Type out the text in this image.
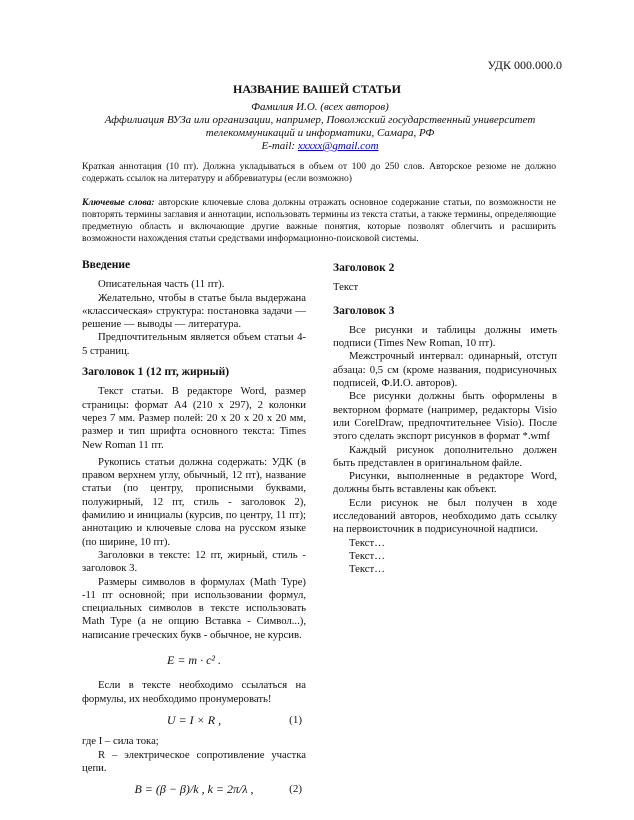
УДК 000.000.0
НАЗВАНИЕ ВАШЕЙ СТАТЬИ
Фамилия И.О. (всех авторов)
Аффилиация ВУЗа или организации, например, Поволжский государственный университет телекоммуникаций и информатики, Самара, РФ
E-mail: xxxxx@gmail.com
Краткая аннотация (10 пт). Должна укладываться в объем от 100 до 250 слов. Авторское резюме не должно содержать ссылок на литературу и аббревиатуры (если возможно)
Ключевые слова: авторские ключевые слова должны отражать основное содержание статьи, по возможности не повторять термины заглавия и аннотации, использовать термины из текста статьи, а также термины, определяющие предметную область и включающие другие важные понятия, которые позволят облегчить и расширить возможности нахождения статьи средствами информационно-поисковой системы.
Введение

Описательная часть (11 пт).

Желательно, чтобы в статье была выдержана «классическая» структура: постановка задачи — решение — выводы — литература.

Предпочтительным является объем статьи 4-5 страниц.

Заголовок 1 (12 пт, жирный)

Текст статьи. В редакторе Word, размер страницы: формат А4 (210 x 297), 2 колонки через 7 мм. Размер полей: 20 x 20 x 20 x 20 мм, размер и тип шрифта основного текста: Times New Roman 11 пт.

Рукопись статьи должна содержать: УДК (в правом верхнем углу, обычный, 12 пт), название статьи (по центру, прописными буквами, полужирный, 12 пт, стиль - заголовок 2), фамилию и инициалы (курсив, по центру, 11 пт); аннотацию и ключевые слова на русском языке (по ширине, 10 пт).

Заголовки в тексте: 12 пт, жирный, стиль - заголовок 3.

Размеры символов в формулах (Math Type) -11 пт основной; при использовании формул, специальных символов в тексте использовать Math Type (а не опцию Вставка - Символ...), написание греческих букв - обычное, не курсив.

E = m · c² .

Если в тексте необходимо ссылаться на формулы, их необходимо пронумеровать!

U = I × R ,	(1)

где I – сила тока;

R – электрическое сопротивление участка цепи.

B = (β − β)/k , k = 2π/λ ,	(2)
Заголовок 2

Текст

Заголовок 3

Все рисунки и таблицы должны иметь подписи (Times New Roman, 10 пт).

Межстрочный интервал: одинарный, отступ абзаца: 0,5 см (кроме названия, подрисуночных подписей, Ф.И.О. авторов).

Все рисунки должны быть оформлены в векторном формате (например, редакторы Visio или CorelDraw, предпочтительнее Visio). После этого сделать экспорт рисунков в формат *.wmf

Каждый рисунок дополнительно должен быть представлен в оригинальном файле.

Рисунки, выполненные в редакторе Word, должны быть вставлены как объект.

Если рисунок не был получен в ходе исследований авторов, необходимо дать ссылку на первоисточник в подрисуночной надписи.

Текст…

Текст…

Текст…
